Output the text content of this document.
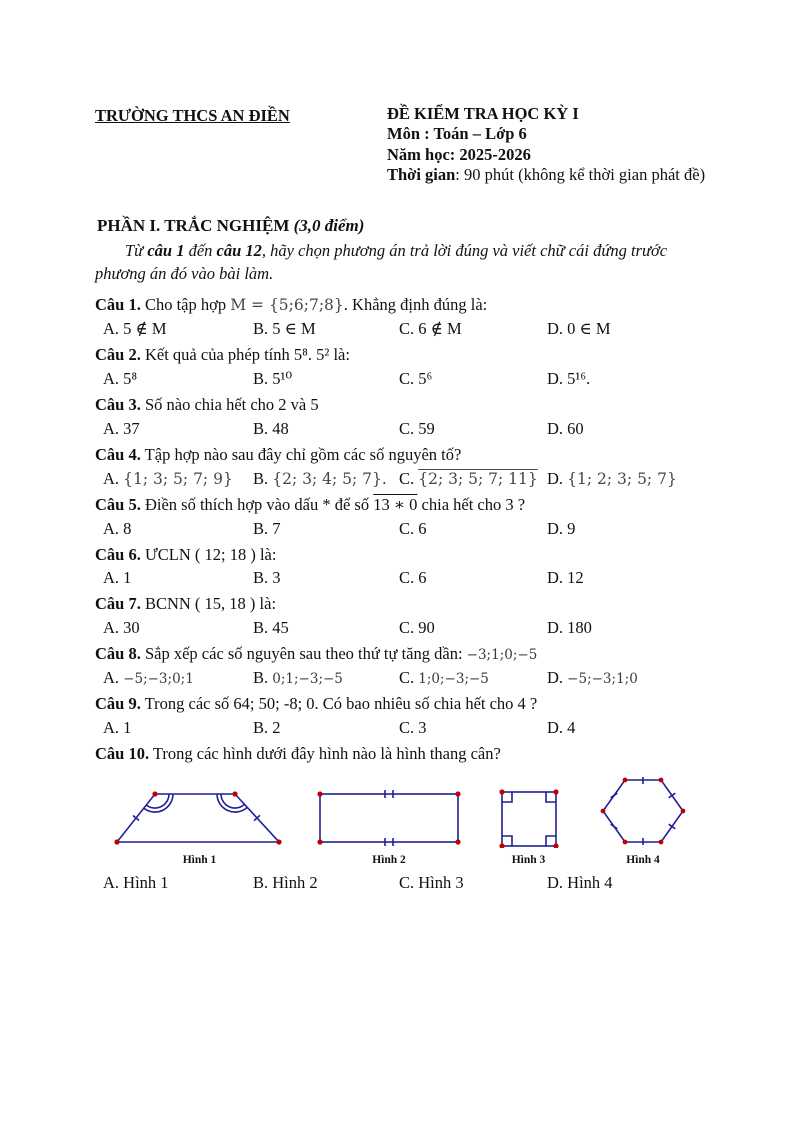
TRƯỜNG THCS AN ĐIỀN	ĐỀ KIỂM TRA HỌC KỲ I
Môn : Toán – Lớp 6
Năm học: 2025-2026
Thời gian: 90 phút (không kể thời gian phát đề)
PHẦN I. TRẮC NGHIỆM (3,0 điểm)

Từ câu 1 đến câu 12, hãy chọn phương án trả lời đúng và viết chữ cái đứng trước phương án đó vào bài làm.

Câu 1. Cho tập hợp M = {5;6;7;8}. Khẳng định đúng là:

A. 5 ∉ M	B. 5 ∈ M	C. 6 ∉ M	D. 0 ∈ M

Câu 2. Kết quả của phép tính 5⁸. 5² là:

A. 5⁸	B. 5¹⁰	C. 5⁶	D. 5¹⁶.

Câu 3. Số nào chia hết cho 2 và 5

A. 37	B. 48	C. 59	D. 60

Câu 4. Tập hợp nào sau đây chỉ gồm các số nguyên tố?

A. {1; 3; 5; 7; 9}	B. {2; 3; 4; 5; 7}. C. {2; 3; 5; 7; 11} D. {1; 2; 3; 5; 7}

Câu 5. Điền số thích hợp vào dấu * để số 13 ∗ 0 chia hết cho 3 ?

A. 8	B. 7	C. 6	D. 9

Câu 6. ƯCLN ( 12; 18 ) là:

A. 1	B. 3	C. 6	D. 12

Câu 7. BCNN ( 15, 18 ) là:

A. 30	B. 45	C. 90	D. 180

Câu 8. Sắp xếp các số nguyên sau theo thứ tự tăng dần: −3;1;0;−5

A. −5;−3;0;1	B. 0;1;−3;−5	C. 1;0;−3;−5	D. −5;−3;1;0

Câu 9. Trong các số 64; 50; -8; 0. Có bao nhiêu số chia hết cho 4 ?

A. 1	B. 2	C. 3	D. 4

Câu 10. Trong các hình dưới đây hình nào là hình thang cân?

Hình 1	Hình 2	Hình 3	Hình 4
A. Hình 1	B. Hình 2	C. Hình 3	D. Hình 4
